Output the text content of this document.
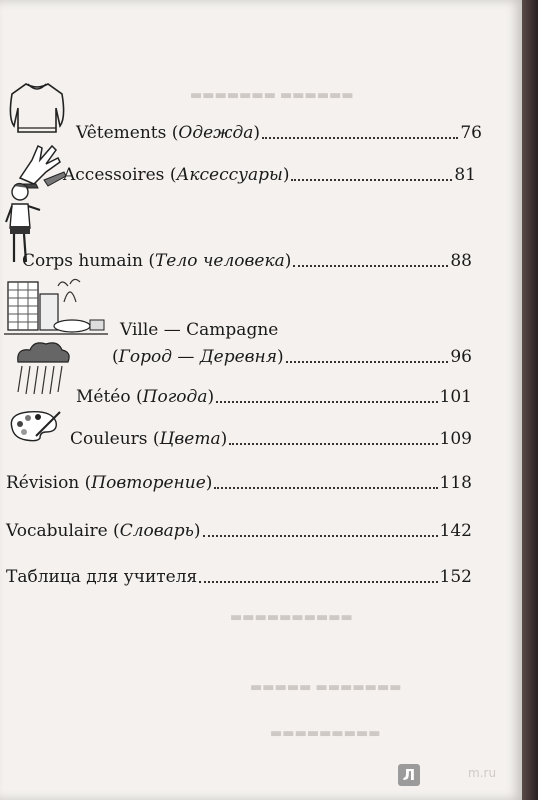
▬▬▬▬▬▬▬ ▬▬▬▬▬▬
Vêtements (Одежда)	76
Accessoires (Аксессуары)	81
Corps humain (Тело человека)	88
Ville — Campagne
(Город — Деревня)	96
Météo (Погода)	101
Couleurs (Цвета)	109
Révision (Повторение)	118
Vocabulaire (Словарь)	142
Таблица для учителя	152
▬▬▬▬▬▬▬▬▬▬
▬▬▬▬▬ ▬▬▬▬▬▬▬
▬▬▬▬▬▬▬▬▬
Л	m.ru
